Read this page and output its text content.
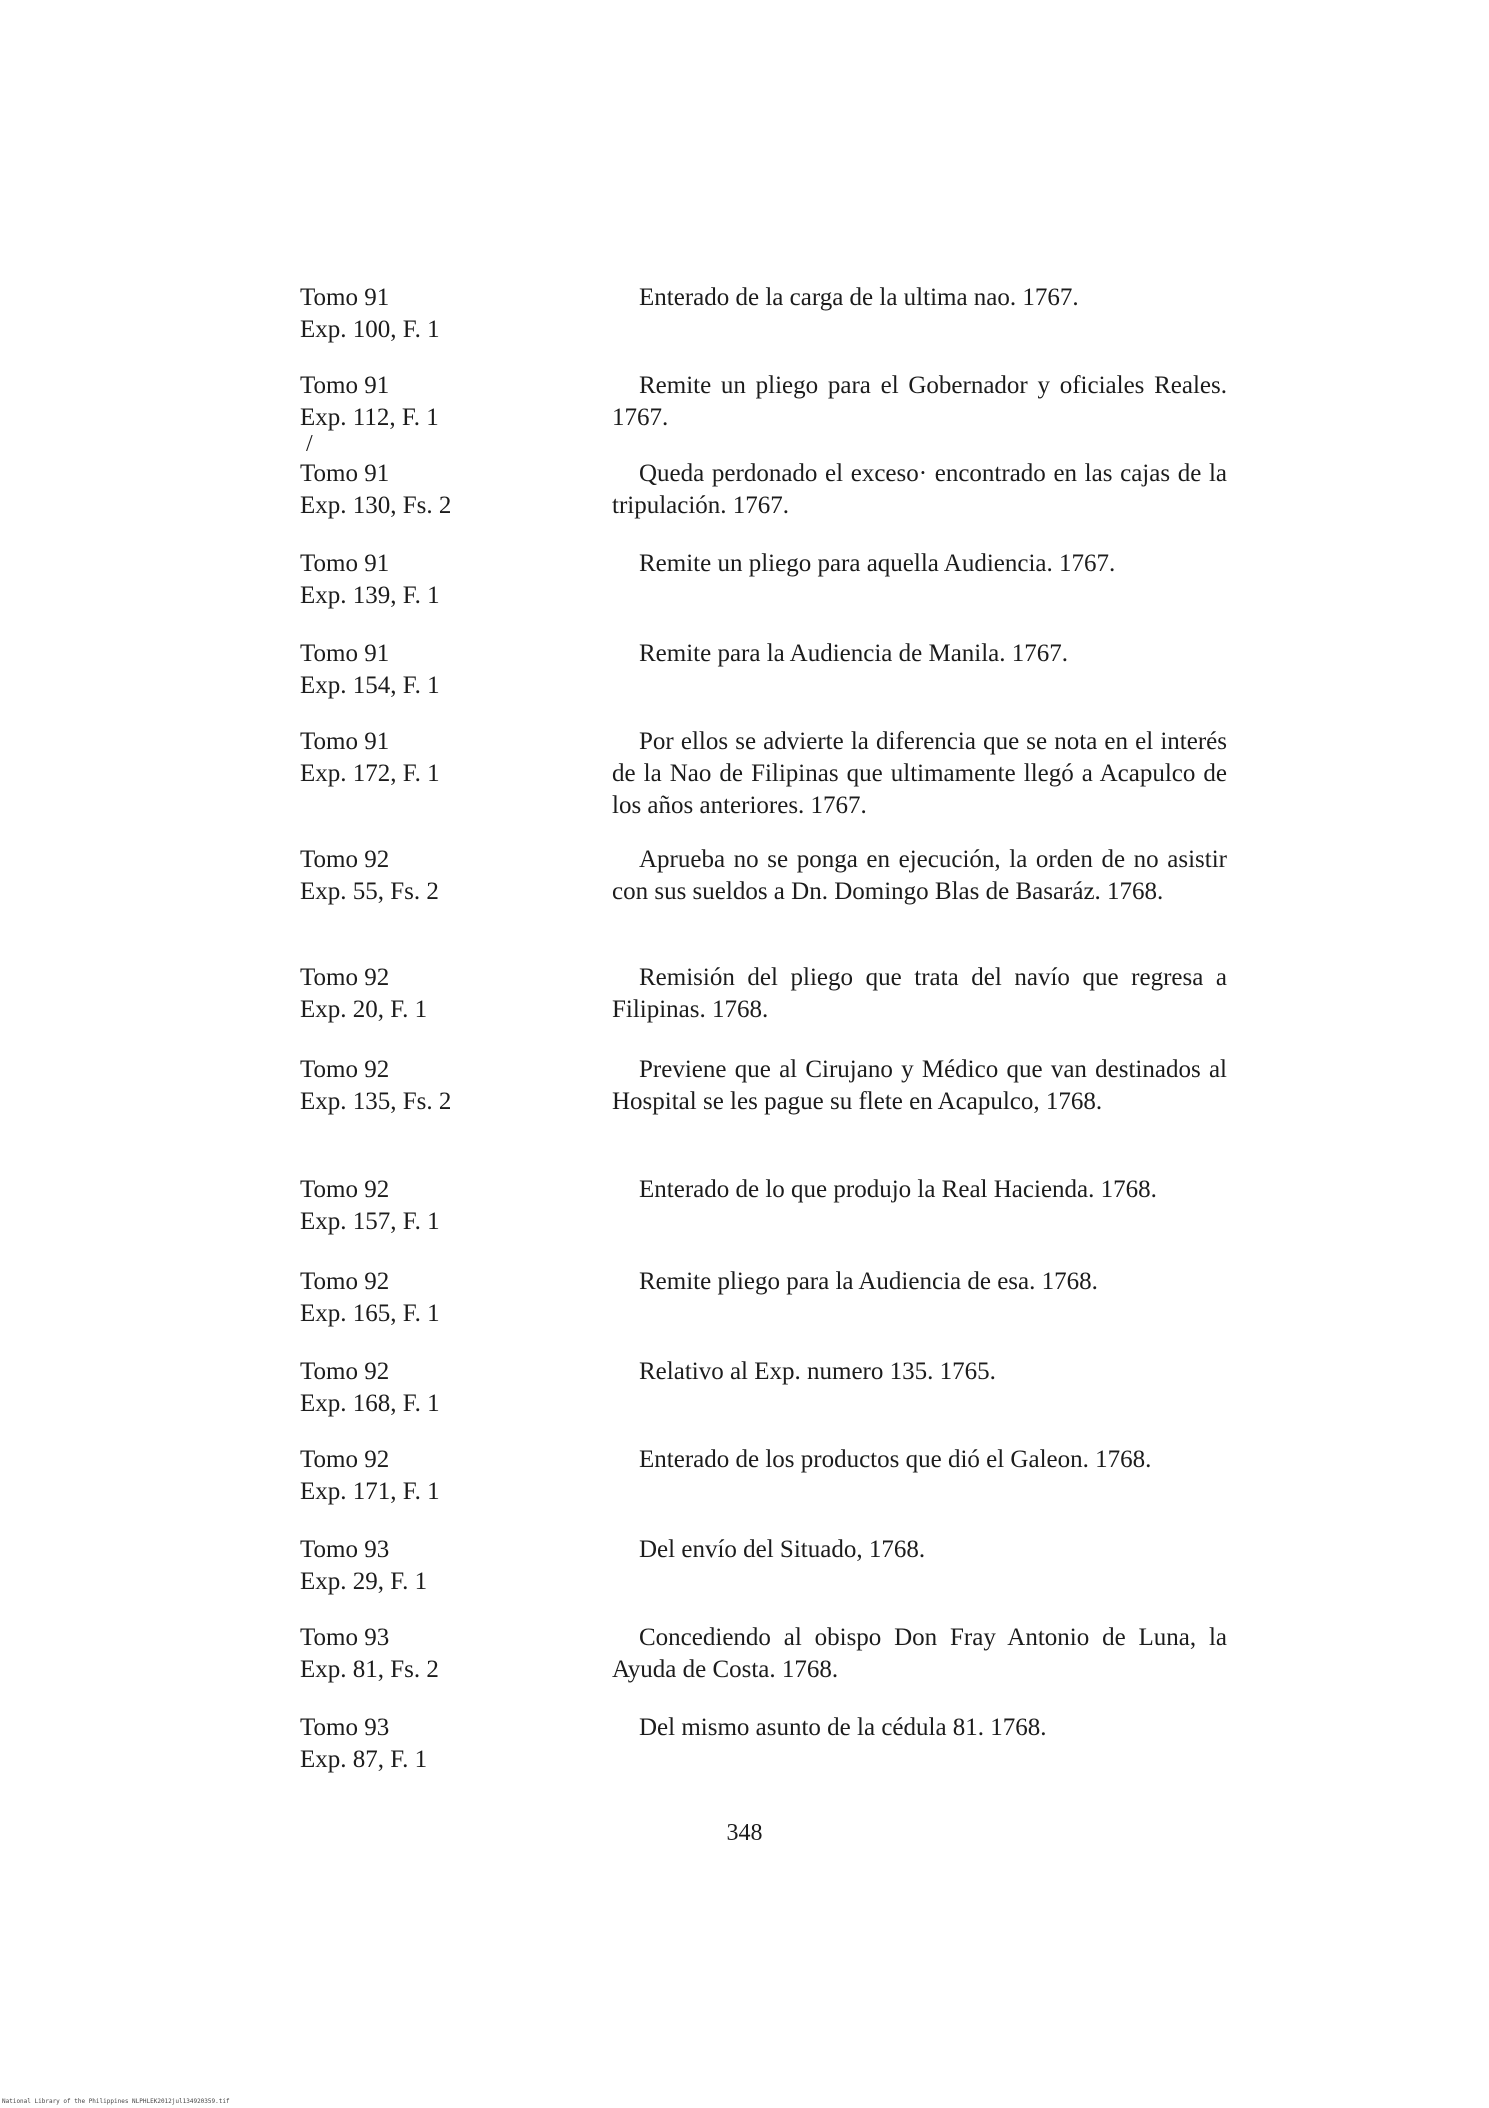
Tomo 91
Exp. 100, F. 1
Enterado de la carga de la ultima nao. 1767.
Tomo 91
Exp. 112, F. 1
Remite un pliego para el Gobernador y oficiales Reales. 1767.
/
Tomo 91
Exp. 130, Fs. 2
Queda perdonado el exceso· encontrado en las cajas de la tripulación. 1767.
Tomo 91
Exp. 139, F. 1
Remite un pliego para aquella Audiencia. 1767.
Tomo 91
Exp. 154, F. 1
Remite para la Audiencia de Manila. 1767.
Tomo 91
Exp. 172, F. 1
Por ellos se advierte la diferencia que se nota en el interés de la Nao de Filipinas que ultimamente llegó a Acapulco de los años anteriores. 1767.
Tomo 92
Exp. 55, Fs. 2
Aprueba no se ponga en ejecución, la orden de no asistir con sus sueldos a Dn. Domingo Blas de Basaráz. 1768.
Tomo 92
Exp. 20, F. 1
Remisión del pliego que trata del navío que regresa a Filipinas. 1768.
Tomo 92
Exp. 135, Fs. 2
Previene que al Cirujano y Médico que van destinados al Hospital se les pague su flete en Acapulco, 1768.
Tomo 92
Exp. 157, F. 1
Enterado de lo que produjo la Real Hacienda. 1768.
Tomo 92
Exp. 165, F. 1
Remite pliego para la Audiencia de esa. 1768.
Tomo 92
Exp. 168, F. 1
Relativo al Exp. numero 135. 1765.
Tomo 92
Exp. 171, F. 1
Enterado de los productos que dió el Galeon. 1768.
Tomo 93
Exp. 29, F. 1
Del envío del Situado, 1768.
Tomo 93
Exp. 81, Fs. 2
Concediendo al obispo Don Fray Antonio de Luna, la Ayuda de Costa. 1768.
Tomo 93
Exp. 87, F. 1
Del mismo asunto de la cédula 81. 1768.
348
National Library of the Philippines NLPHLEK2012jul134920359.tif
